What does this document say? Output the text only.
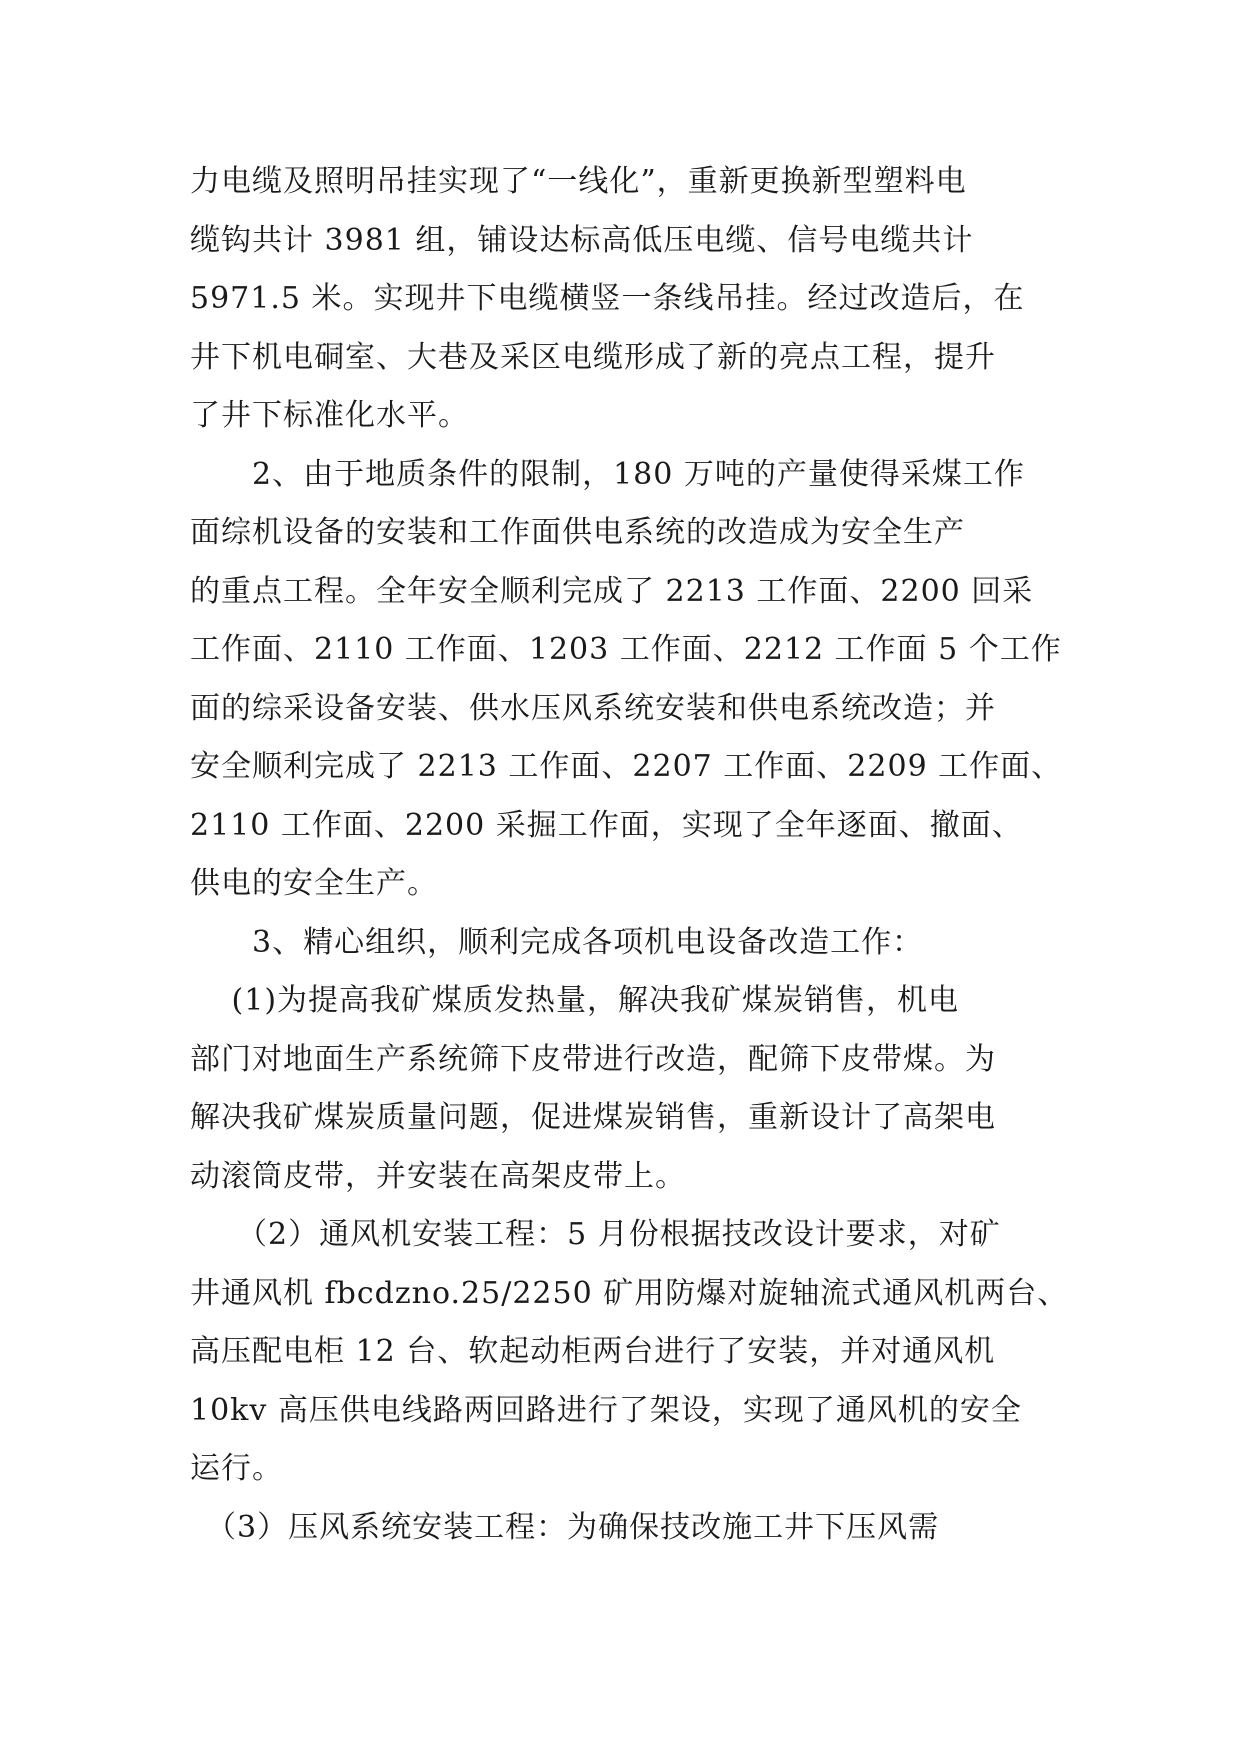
力电缆及照明吊挂实现了“一线化”，重新更换新型塑料电
缆钩共计 3981 组，铺设达标高低压电缆、信号电缆共计
5971.5 米。实现井下电缆横竖一条线吊挂。经过改造后，在
井下机电硐室、大巷及采区电缆形成了新的亮点工程，提升
了井下标准化水平。
　　2、由于地质条件的限制，180 万吨的产量使得采煤工作
面综机设备的安装和工作面供电系统的改造成为安全生产
的重点工程。全年安全顺利完成了 2213 工作面、2200 回采
工作面、2110 工作面、1203 工作面、2212 工作面 5 个工作
面的综采设备安装、供水压风系统安装和供电系统改造；并
安全顺利完成了 2213 工作面、2207 工作面、2209 工作面、
2110 工作面、2200 采掘工作面，实现了全年逐面、撤面、
供电的安全生产。
　　3、精心组织，顺利完成各项机电设备改造工作：
　 (1)为提高我矿煤质发热量，解决我矿煤炭销售，机电
部门对地面生产系统筛下皮带进行改造，配筛下皮带煤。为
解决我矿煤炭质量问题，促进煤炭销售，重新设计了高架电
动滚筒皮带，并安装在高架皮带上。
　　（2）通风机安装工程：5 月份根据技改设计要求，对矿
井通风机 fbcdzno.25/2250 矿用防爆对旋轴流式通风机两台、
高压配电柜 12 台、软起动柜两台进行了安装，并对通风机
10kv 高压供电线路两回路进行了架设，实现了通风机的安全
运行。
　（3）压风系统安装工程：为确保技改施工井下压风需
